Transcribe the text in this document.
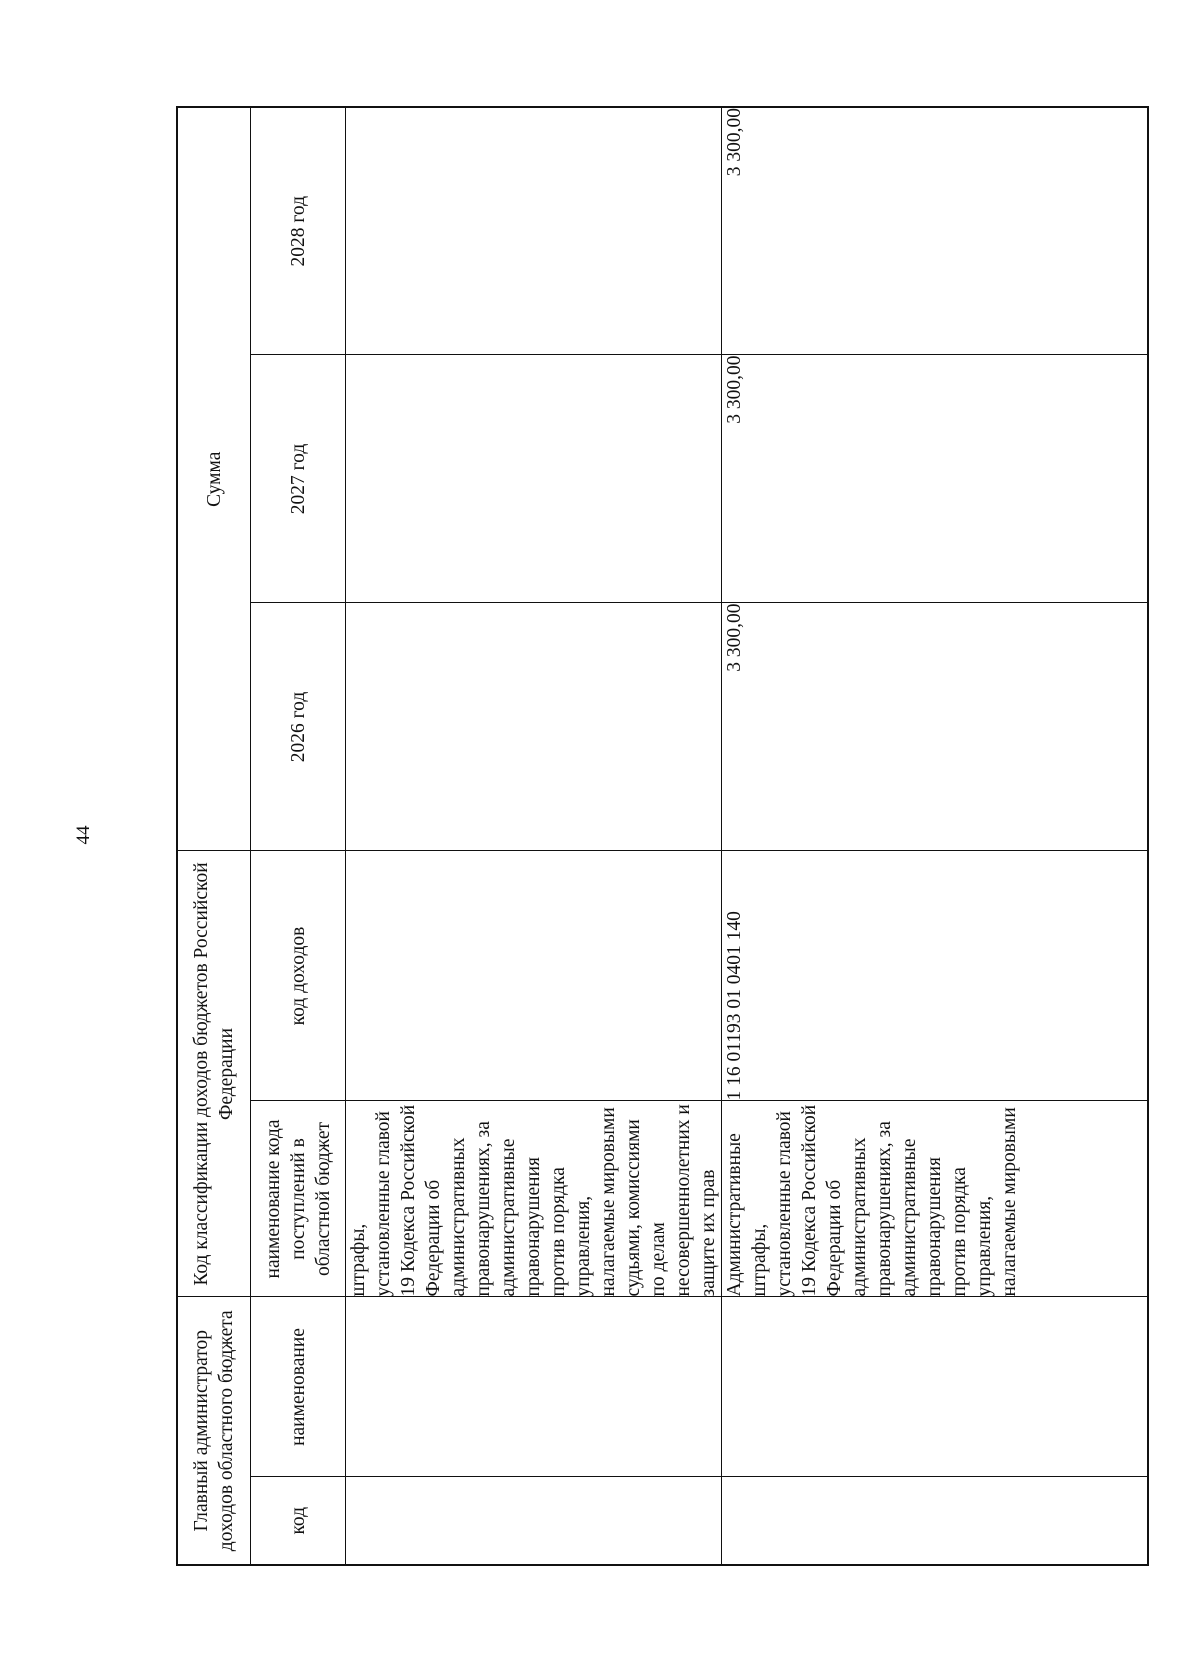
44
Главный администратор доходов областного бюджета		Код классификации доходов бюджетов Российской Федерации		Сумма		
код	наименование	наименование кода поступлений в областной бюджет	код доходов	2026 год	2027 год	2028 год

		штрафы, установленные главой 19 Кодекса Российской Федерации об административных правонарушениях, за административные правонарушения против порядка управления, налагаемые мировыми судьями, комиссиями по делам несовершеннолетних и защите их прав				

		Административные штрафы, установленные главой 19 Кодекса Российской Федерации об административных правонарушениях, за административные правонарушения против порядка управления, налагаемые мировыми	1 16 01193 01 0401 140	3 300,00	3 300,00	3 300,00
